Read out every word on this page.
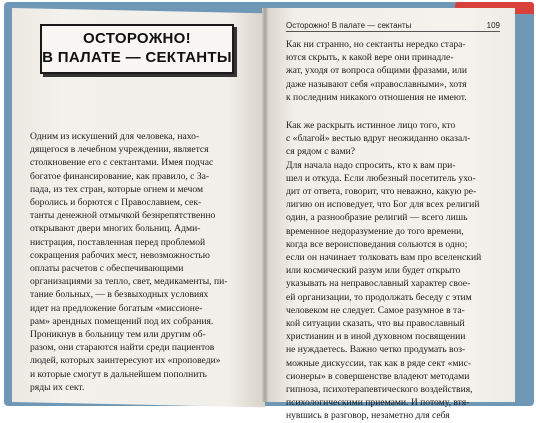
ОСТОРОЖНО!
В ПАЛАТЕ — СЕКТАНТЫ
Одним из искушений для человека, нахо-
дящегося в лечебном учреждении, является
столкновение его с сектантами. Имея подчас
богатое финансирование, как правило, с За-
пада, из тех стран, которые огнем и мечом
боролись и борются с Православием, сек-
танты денежной отмычкой безнрепятственно
открывают двери многих больниц. Адми-
нистрация, поставленная перед проблемой
сокращения рабочих мест, невозможностью
оплаты расчетов с обеспечивающими
организациями за тепло, свет, медикаменты, пи-
тание больных, — в безвыходных условиях
идет на предложение богатым «миссионе-
рам» арендных помещений под их собрания.
Проникнув в больницу тем или другим об-
разом, они стараются найти среди пациентов
людей, которых заинтересуют их «проповеди»
и которые смогут в дальнейшем пополнить
ряды их сект.
Осторожно! В палате — сектанты	109
Как ни странно, но сектанты нередко стара-
ются скрыть, к какой вере они принадле-
жат, уходя от вопроса общими фразами, или
даже называют себя «православными», хотя
к последним никакого отношения не имеют.
Как же раскрыть истинное лицо того, кто
с «благой» вестью вдруг неожиданно оказал-
ся рядом с вами?
Для начала надо спросить, кто к вам при-
шел и откуда. Если любезный посетитель ухо-
дит от ответа, говорит, что неважно, какую ре-
лигию он исповедует, что Бог для всех религий
один, а разнообразие религий — всего лишь
временное недоразумение до того времени,
когда все вероисповедания сольются в одно;
если он начинает толковать вам про вселенский
или космический разум или будет открыто
указывать на неправославный характер свое-
ей организации, то продолжать беседу с этим
человеком не следует. Самое разумное в та-
кой ситуации сказать, что вы православный
христианин и в иной духовном посвящении
не нуждаетесь. Важно четко продумать воз-
можные дискуссии, так как в ряде сект «мис-
сионеры» в совершенстве владеют методами
гипноза, психотерапевтического воздействия,
психологическими приемами. И потому, втя-
нувшись в разговор, незаметно для себя
